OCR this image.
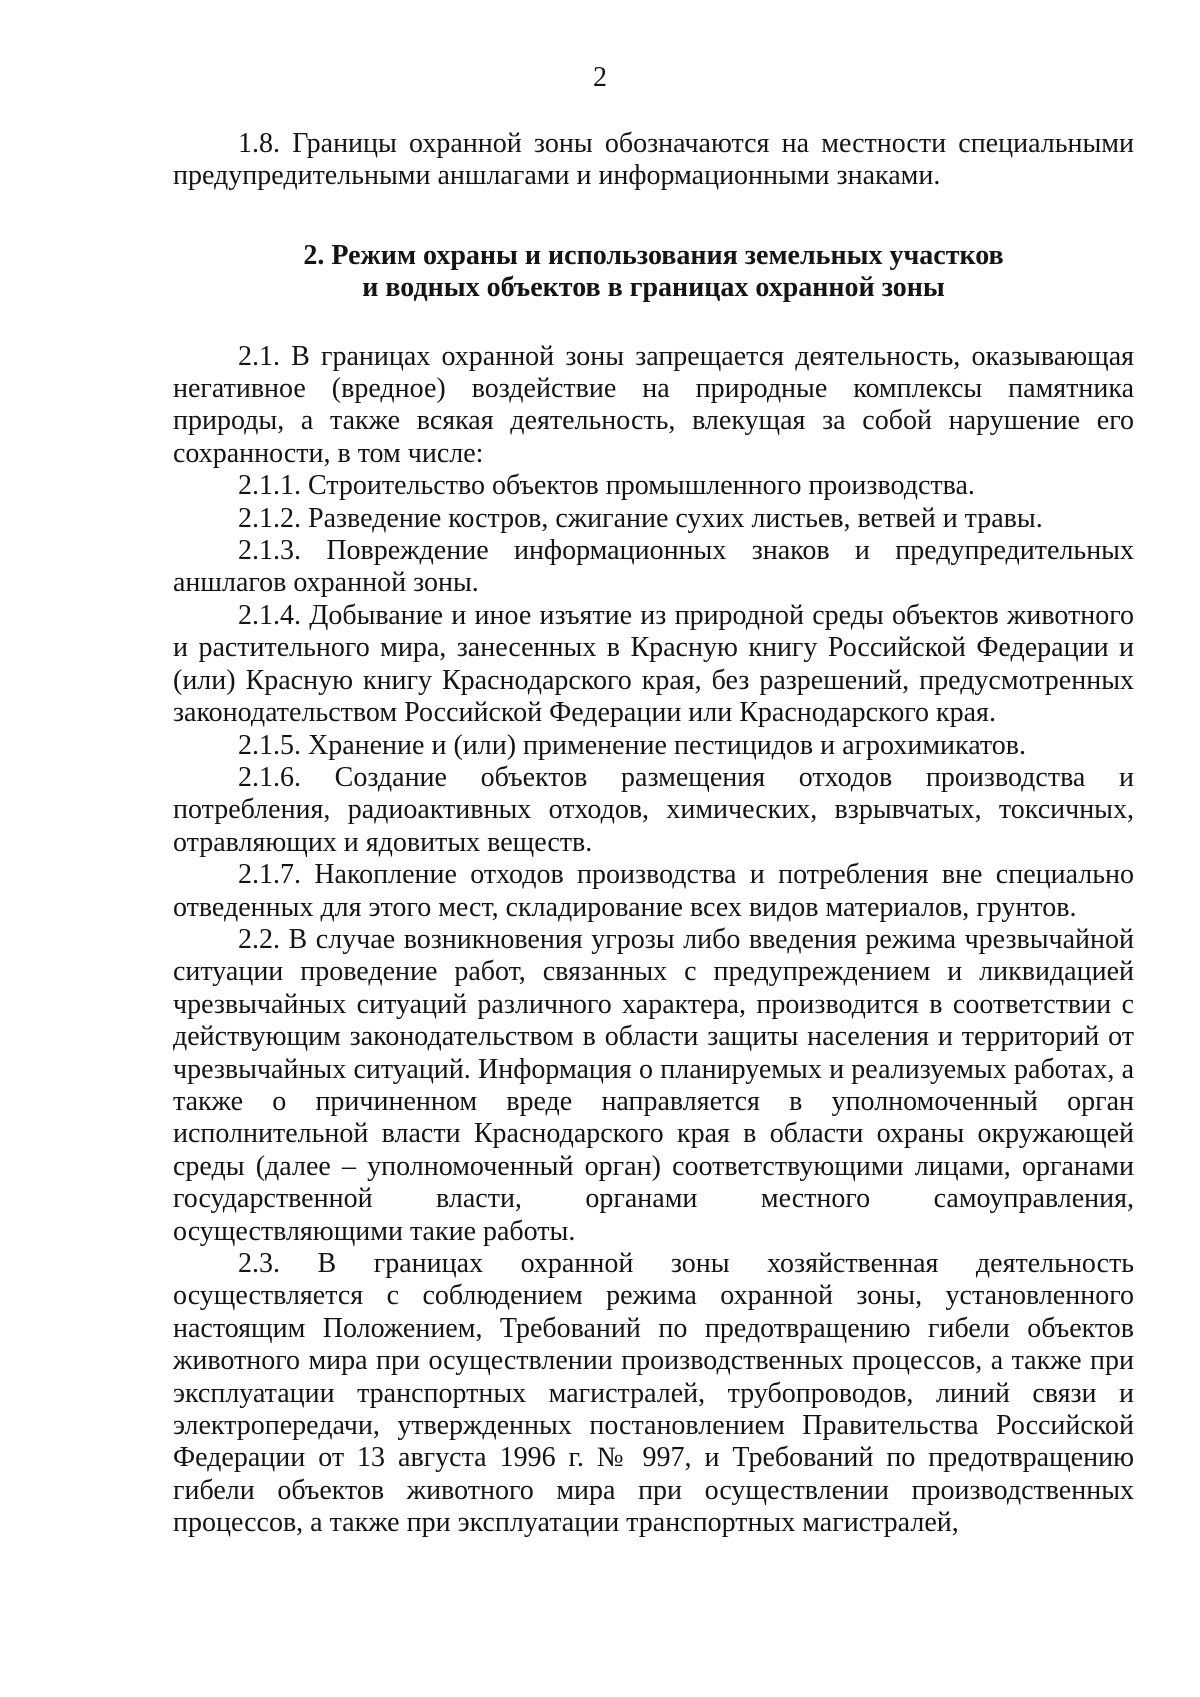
2

1.8. Границы охранной зоны обозначаются на местности специальными предупредительными аншлагами и информационными знаками.

2. Режим охраны и использования земельных участков
и водных объектов в границах охранной зоны

2.1. В границах охранной зоны запрещается деятельность, оказывающая негативное (вредное) воздействие на природные комплексы памятника природы, а также всякая деятельность, влекущая за собой нарушение его сохранности, в том числе:

2.1.1. Строительство объектов промышленного производства.

2.1.2. Разведение костров, сжигание сухих листьев, ветвей и травы.

2.1.3. Повреждение информационных знаков и предупредительных аншлагов охранной зоны.

2.1.4. Добывание и иное изъятие из природной среды объектов животного и растительного мира, занесенных в Красную книгу Российской Федерации и (или) Красную книгу Краснодарского края, без разрешений, предусмотренных законодательством Российской Федерации или Краснодарского края.

2.1.5. Хранение и (или) применение пестицидов и агрохимикатов.

2.1.6. Создание объектов размещения отходов производства и потребления, радиоактивных отходов, химических, взрывчатых, токсичных, отравляющих и ядовитых веществ.

2.1.7. Накопление отходов производства и потребления вне специально отведенных для этого мест, складирование всех видов материалов, грунтов.

2.2. В случае возникновения угрозы либо введения режима чрезвычайной ситуации проведение работ, связанных с предупреждением и ликвидацией чрезвычайных ситуаций различного характера, производится в соответствии с действующим законодательством в области защиты населения и территорий от чрезвычайных ситуаций. Информация о планируемых и реализуемых работах, а также о причиненном вреде направляется в уполномоченный орган исполнительной власти Краснодарского края в области охраны окружающей среды (далее – уполномоченный орган) соответствующими лицами, органами государственной власти, органами местного самоуправления, осуществляющими такие работы.

2.3. В границах охранной зоны хозяйственная деятельность осуществляется с соблюдением режима охранной зоны, установленного настоящим Положением, Требований по предотвращению гибели объектов животного мира при осуществлении производственных процессов, а также при эксплуатации транспортных магистралей, трубопроводов, линий связи и электропередачи, утвержденных постановлением Правительства Российской Федерации от 13 августа 1996 г. № 997, и Требований по предотвращению гибели объектов животного мира при осуществлении производственных процессов, а также при эксплуатации транспортных магистралей,
